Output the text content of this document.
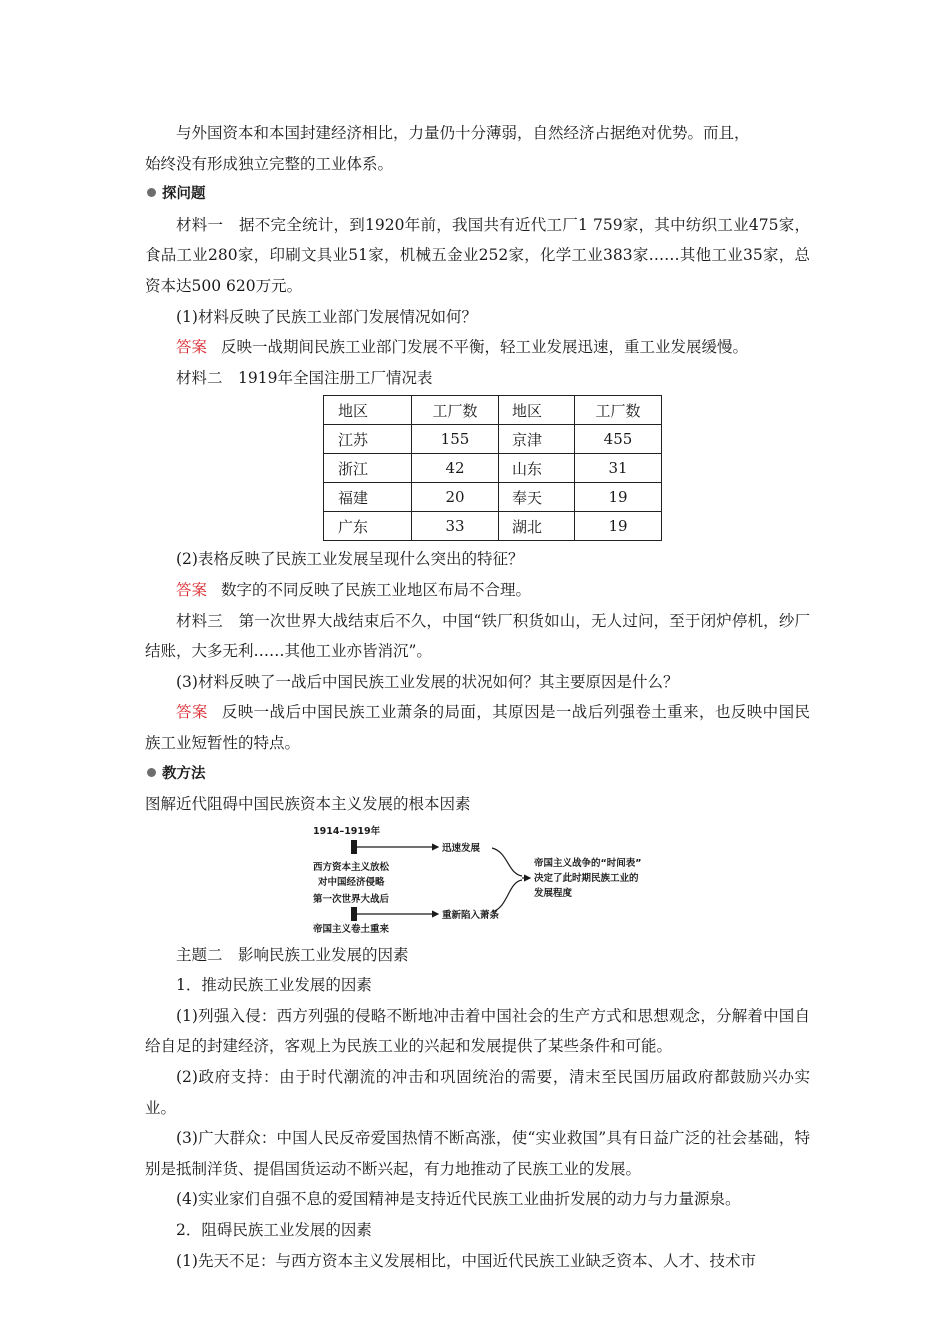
与外国资本和本国封建经济相比，力量仍十分薄弱，自然经济占据绝对优势。而且，

始终没有形成独立完整的工业体系。

探问题

材料一　据不完全统计，到1920年前，我国共有近代工厂1 759家，其中纺织工业475家，食品工业280家，印刷文具业51家，机械五金业252家，化学工业383家……其他工业35家，总资本达500 620万元。

(1)材料反映了民族工业部门发展情况如何？

答案 反映一战期间民族工业部门发展不平衡，轻工业发展迅速，重工业发展缓慢。

材料二　1919年全国注册工厂情况表

地区	工厂数	地区	工厂数
江苏	155	京津	455
浙江	42	山东	31
福建	20	奉天	19
广东	33	湖北	19

(2)表格反映了民族工业发展呈现什么突出的特征？

答案 数字的不同反映了民族工业地区布局不合理。

材料三　第一次世界大战结束后不久，中国“铁厂积货如山，无人过问，至于闭炉停机，纱厂结账，大多无利……其他工业亦皆消沉”。

(3)材料反映了一战后中国民族工业发展的状况如何？其主要原因是什么？

答案 反映一战后中国民族工业萧条的局面，其原因是一战后列强卷土重来，也反映中国民族工业短暂性的特点。

教方法

图解近代阻碍中国民族资本主义发展的根本因素

1914–1919年
迅速发展
西方资本主义放松
对中国经济侵略
第一次世界大战后
重新陷入萧条
帝国主义卷土重来
帝国主义战争的“时间表”
决定了此时期民族工业的
发展程度

主题二　影响民族工业发展的因素

1．推动民族工业发展的因素

(1)列强入侵：西方列强的侵略不断地冲击着中国社会的生产方式和思想观念，分解着中国自给自足的封建经济，客观上为民族工业的兴起和发展提供了某些条件和可能。

(2)政府支持：由于时代潮流的冲击和巩固统治的需要，清末至民国历届政府都鼓励兴办实业。

(3)广大群众：中国人民反帝爱国热情不断高涨，使“实业救国”具有日益广泛的社会基础，特别是抵制洋货、提倡国货运动不断兴起，有力地推动了民族工业的发展。

(4)实业家们自强不息的爱国精神是支持近代民族工业曲折发展的动力与力量源泉。

2．阻碍民族工业发展的因素

(1)先天不足：与西方资本主义发展相比，中国近代民族工业缺乏资本、人才、技术市
